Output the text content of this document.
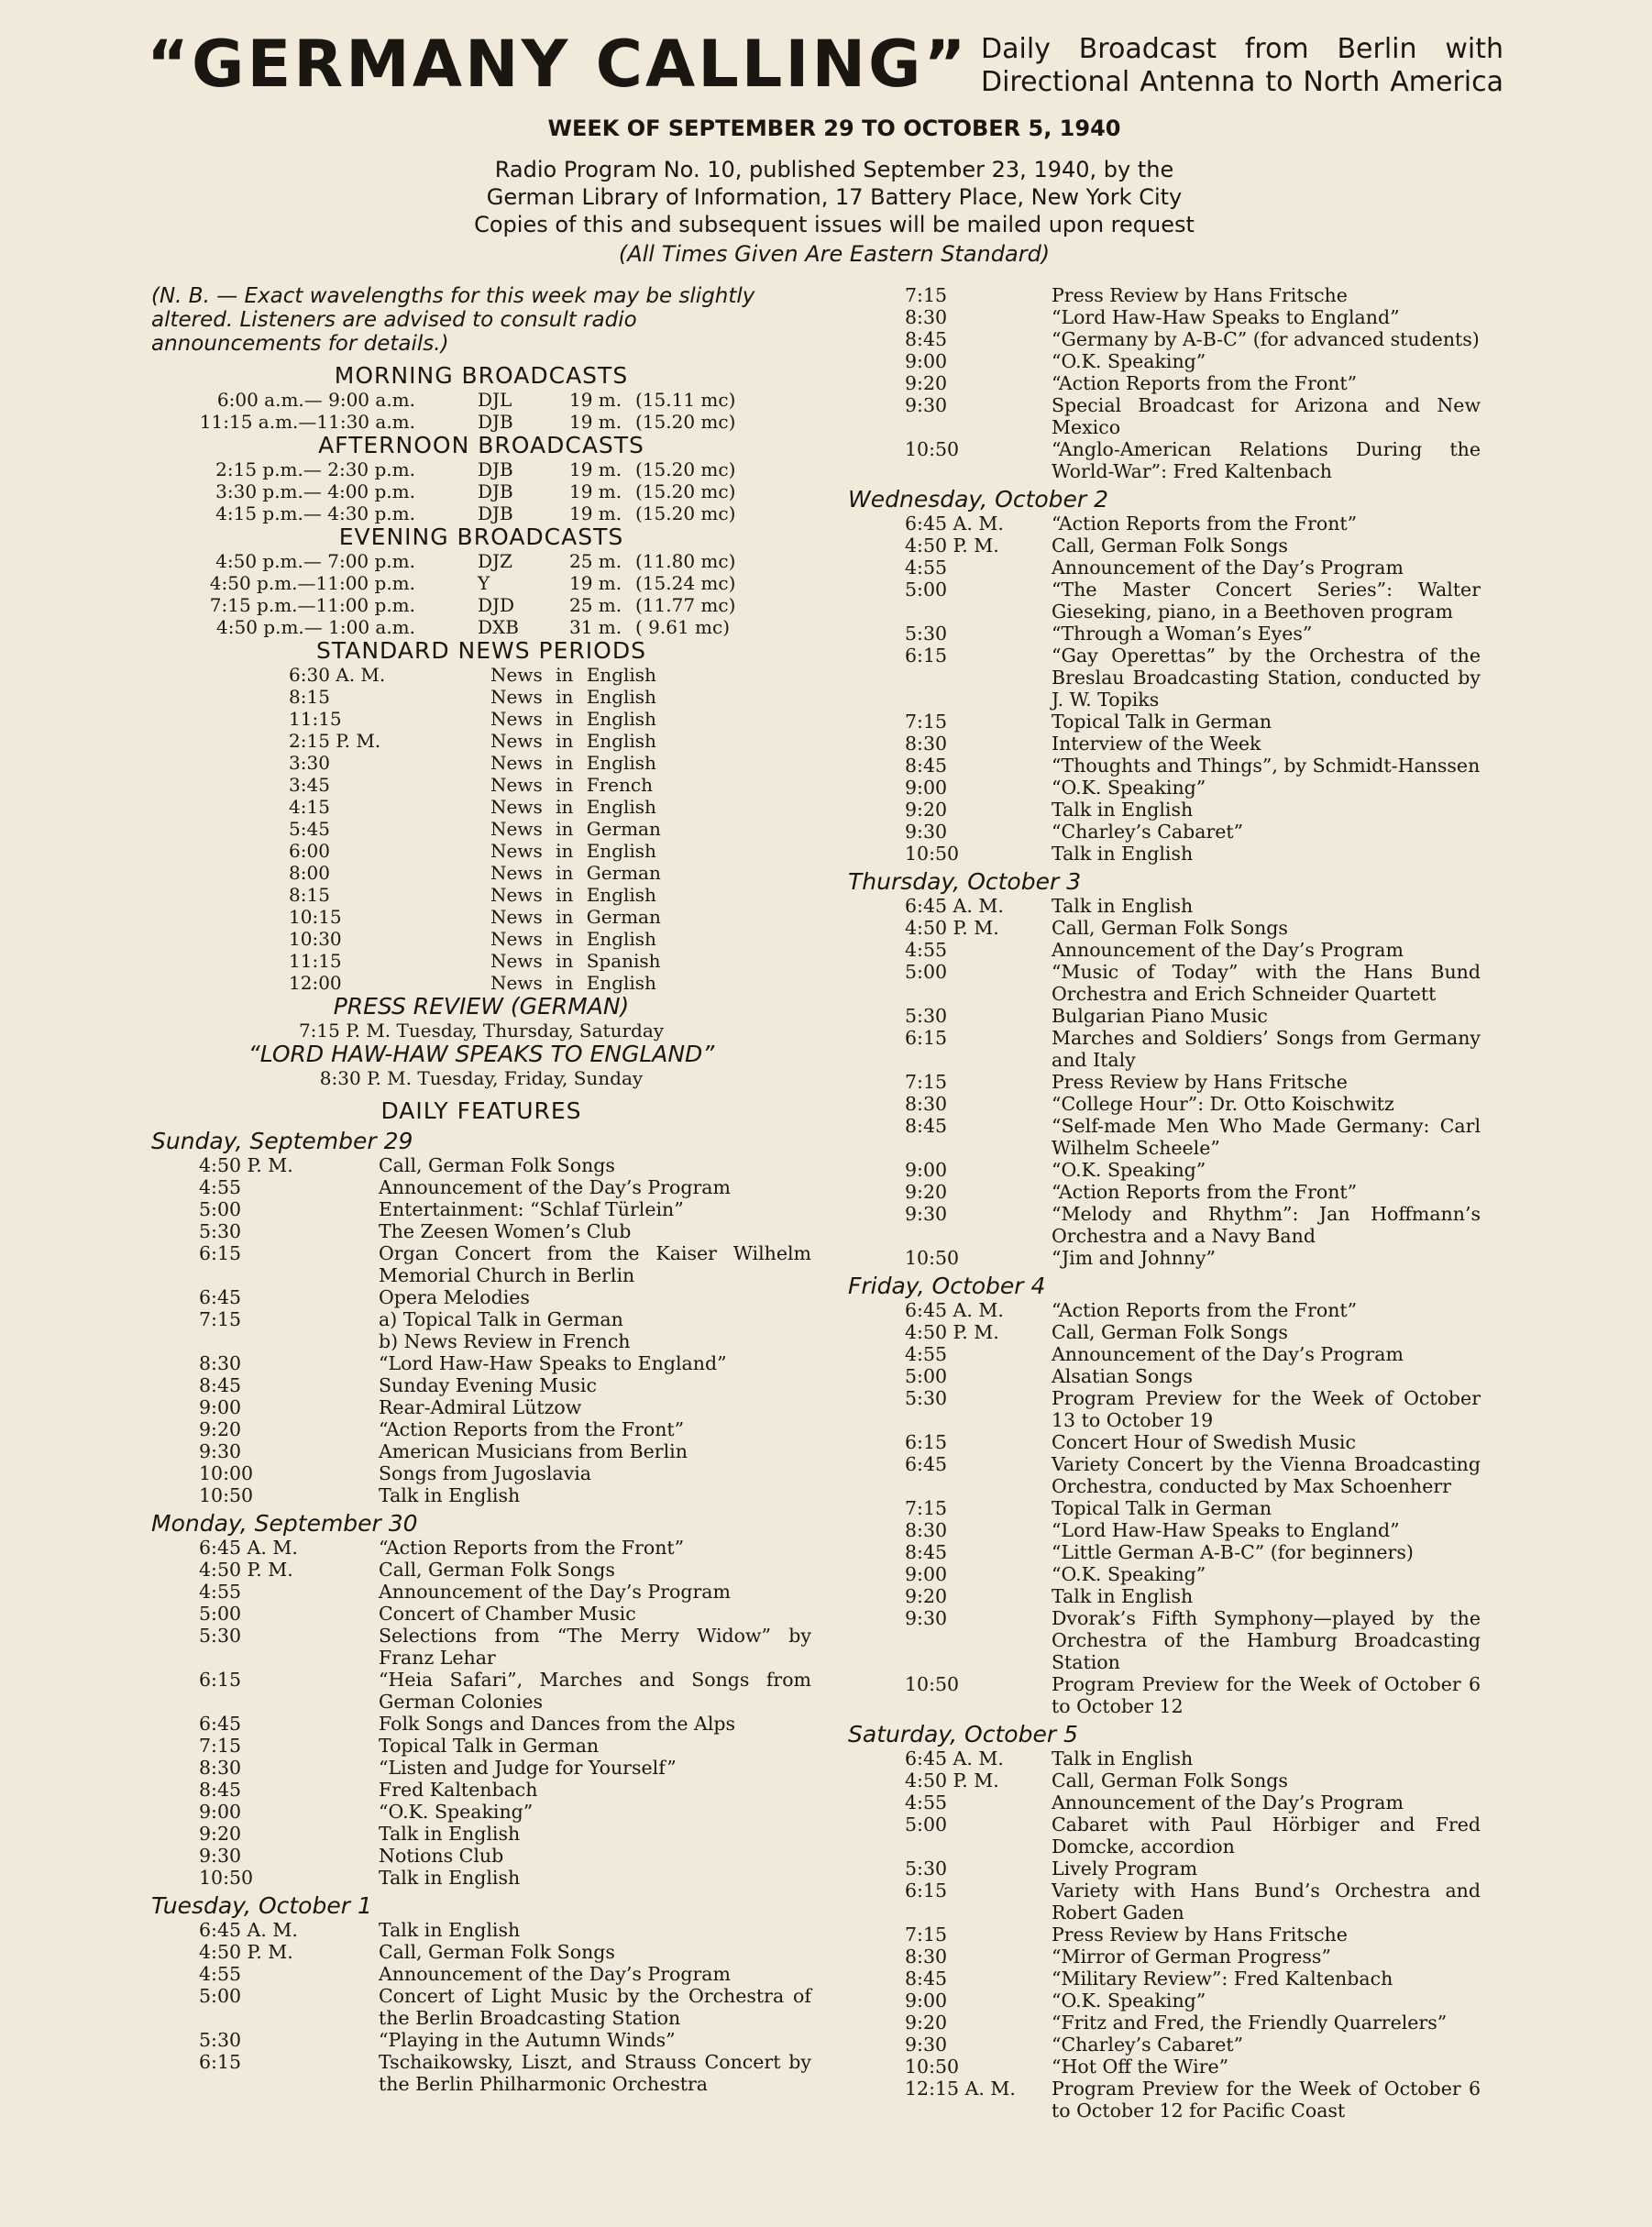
“GERMANY CALLING” Daily Broadcast from Berlin with Directional Antenna to North America
WEEK OF SEPTEMBER 29 TO OCTOBER 5, 1940
Radio Program No. 10, published September 23, 1940, by the
German Library of Information, 17 Battery Place, New York City
Copies of this and subsequent issues will be mailed upon request
(All Times Given Are Eastern Standard)
(N. B. — Exact wavelengths for this week may be slightly altered. Listeners are advised to consult radio announcements for details.)
MORNING BROADCASTS
6:00 a.m.— 9:00 a.m.	DJL	19 m. (15.11 mc)
11:15 a.m.—11:30 a.m.	DJB	19 m. (15.20 mc)
AFTERNOON BROADCASTS
2:15 p.m.— 2:30 p.m.	DJB	19 m. (15.20 mc)
3:30 p.m.— 4:00 p.m.	DJB	19 m. (15.20 mc)
4:15 p.m.— 4:30 p.m.	DJB	19 m. (15.20 mc)
EVENING BROADCASTS
4:50 p.m.— 7:00 p.m.	DJZ	25 m. (11.80 mc)
4:50 p.m.—11:00 p.m.	Y	19 m. (15.24 mc)
7:15 p.m.—11:00 p.m.	DJD	25 m. (11.77 mc)
4:50 p.m.— 1:00 a.m.	DXB	31 m. ( 9.61 mc)
STANDARD NEWS PERIODS
6:30 A. M.	News in English
8:15	News in English
11:15	News in English
2:15 P. M.	News in English
3:30	News in English
3:45	News in French
4:15	News in English
5:45	News in German
6:00	News in English
8:00	News in German
8:15	News in English
10:15	News in German
10:30	News in English
11:15	News in Spanish
12:00	News in English
PRESS REVIEW (GERMAN)
7:15 P. M. Tuesday, Thursday, Saturday
“LORD HAW-HAW SPEAKS TO ENGLAND”
8:30 P. M. Tuesday, Friday, Sunday
DAILY FEATURES
Sunday, September 29
4:50 P. M.	Call, German Folk Songs
4:55	Announcement of the Day’s Program
5:00	Entertainment: “Schlaf Türlein”
5:30	The Zeesen Women’s Club
6:15	Organ Concert from the Kaiser Wilhelm Memorial Church in Berlin
6:45	Opera Melodies
7:15	a) Topical Talk in German
b) News Review in French
8:30	“Lord Haw-Haw Speaks to England”
8:45	Sunday Evening Music
9:00	Rear-Admiral Lützow
9:20	“Action Reports from the Front”
9:30	American Musicians from Berlin
10:00	Songs from Jugoslavia
10:50	Talk in English
Monday, September 30
6:45 A. M.	“Action Reports from the Front”
4:50 P. M.	Call, German Folk Songs
4:55	Announcement of the Day’s Program
5:00	Concert of Chamber Music
5:30	Selections from “The Merry Widow” by Franz Lehar
6:15	“Heia Safari”, Marches and Songs from German Colonies
6:45	Folk Songs and Dances from the Alps
7:15	Topical Talk in German
8:30	“Listen and Judge for Yourself”
8:45	Fred Kaltenbach
9:00	“O.K. Speaking”
9:20	Talk in English
9:30	Notions Club
10:50	Talk in English
Tuesday, October 1
6:45 A. M.	Talk in English
4:50 P. M.	Call, German Folk Songs
4:55	Announcement of the Day’s Program
5:00	Concert of Light Music by the Orchestra of the Berlin Broadcasting Station
5:30	“Playing in the Autumn Winds”
6:15	Tschaikowsky, Liszt, and Strauss Concert by the Berlin Philharmonic Orchestra
7:15	Press Review by Hans Fritsche
8:30	“Lord Haw-Haw Speaks to England”
8:45	“Germany by A-B-C” (for advanced students)
9:00	“O.K. Speaking”
9:20	“Action Reports from the Front”
9:30	Special Broadcast for Arizona and New Mexico
10:50	“Anglo-American Relations During the World-War”: Fred Kaltenbach
Wednesday, October 2
6:45 A. M.	“Action Reports from the Front”
4:50 P. M.	Call, German Folk Songs
4:55	Announcement of the Day’s Program
5:00	“The Master Concert Series”: Walter Gieseking, piano, in a Beethoven program
5:30	“Through a Woman’s Eyes”
6:15	“Gay Operettas” by the Orchestra of the Breslau Broadcasting Station, conducted by J. W. Topiks
7:15	Topical Talk in German
8:30	Interview of the Week
8:45	“Thoughts and Things”, by Schmidt-Hanssen
9:00	“O.K. Speaking”
9:20	Talk in English
9:30	“Charley’s Cabaret”
10:50	Talk in English
Thursday, October 3
6:45 A. M.	Talk in English
4:50 P. M.	Call, German Folk Songs
4:55	Announcement of the Day’s Program
5:00	“Music of Today” with the Hans Bund Orchestra and Erich Schneider Quartett
5:30	Bulgarian Piano Music
6:15	Marches and Soldiers’ Songs from Germany and Italy
7:15	Press Review by Hans Fritsche
8:30	“College Hour”: Dr. Otto Koischwitz
8:45	“Self-made Men Who Made Germany: Carl Wilhelm Scheele”
9:00	“O.K. Speaking”
9:20	“Action Reports from the Front”
9:30	“Melody and Rhythm”: Jan Hoffmann’s Orchestra and a Navy Band
10:50	“Jim and Johnny”
Friday, October 4
6:45 A. M.	“Action Reports from the Front”
4:50 P. M.	Call, German Folk Songs
4:55	Announcement of the Day’s Program
5:00	Alsatian Songs
5:30	Program Preview for the Week of October 13 to October 19
6:15	Concert Hour of Swedish Music
6:45	Variety Concert by the Vienna Broadcasting Orchestra, conducted by Max Schoenherr
7:15	Topical Talk in German
8:30	“Lord Haw-Haw Speaks to England”
8:45	“Little German A-B-C” (for beginners)
9:00	“O.K. Speaking”
9:20	Talk in English
9:30	Dvorak’s Fifth Symphony—played by the Orchestra of the Hamburg Broadcasting Station
10:50	Program Preview for the Week of October 6 to October 12
Saturday, October 5
6:45 A. M.	Talk in English
4:50 P. M.	Call, German Folk Songs
4:55	Announcement of the Day’s Program
5:00	Cabaret with Paul Hörbiger and Fred Domcke, accordion
5:30	Lively Program
6:15	Variety with Hans Bund’s Orchestra and Robert Gaden
7:15	Press Review by Hans Fritsche
8:30	“Mirror of German Progress”
8:45	“Military Review”: Fred Kaltenbach
9:00	“O.K. Speaking”
9:20	“Fritz and Fred, the Friendly Quarrelers”
9:30	“Charley’s Cabaret”
10:50	“Hot Off the Wire”
12:15 A. M.	Program Preview for the Week of October 6 to October 12 for Pacific Coast
